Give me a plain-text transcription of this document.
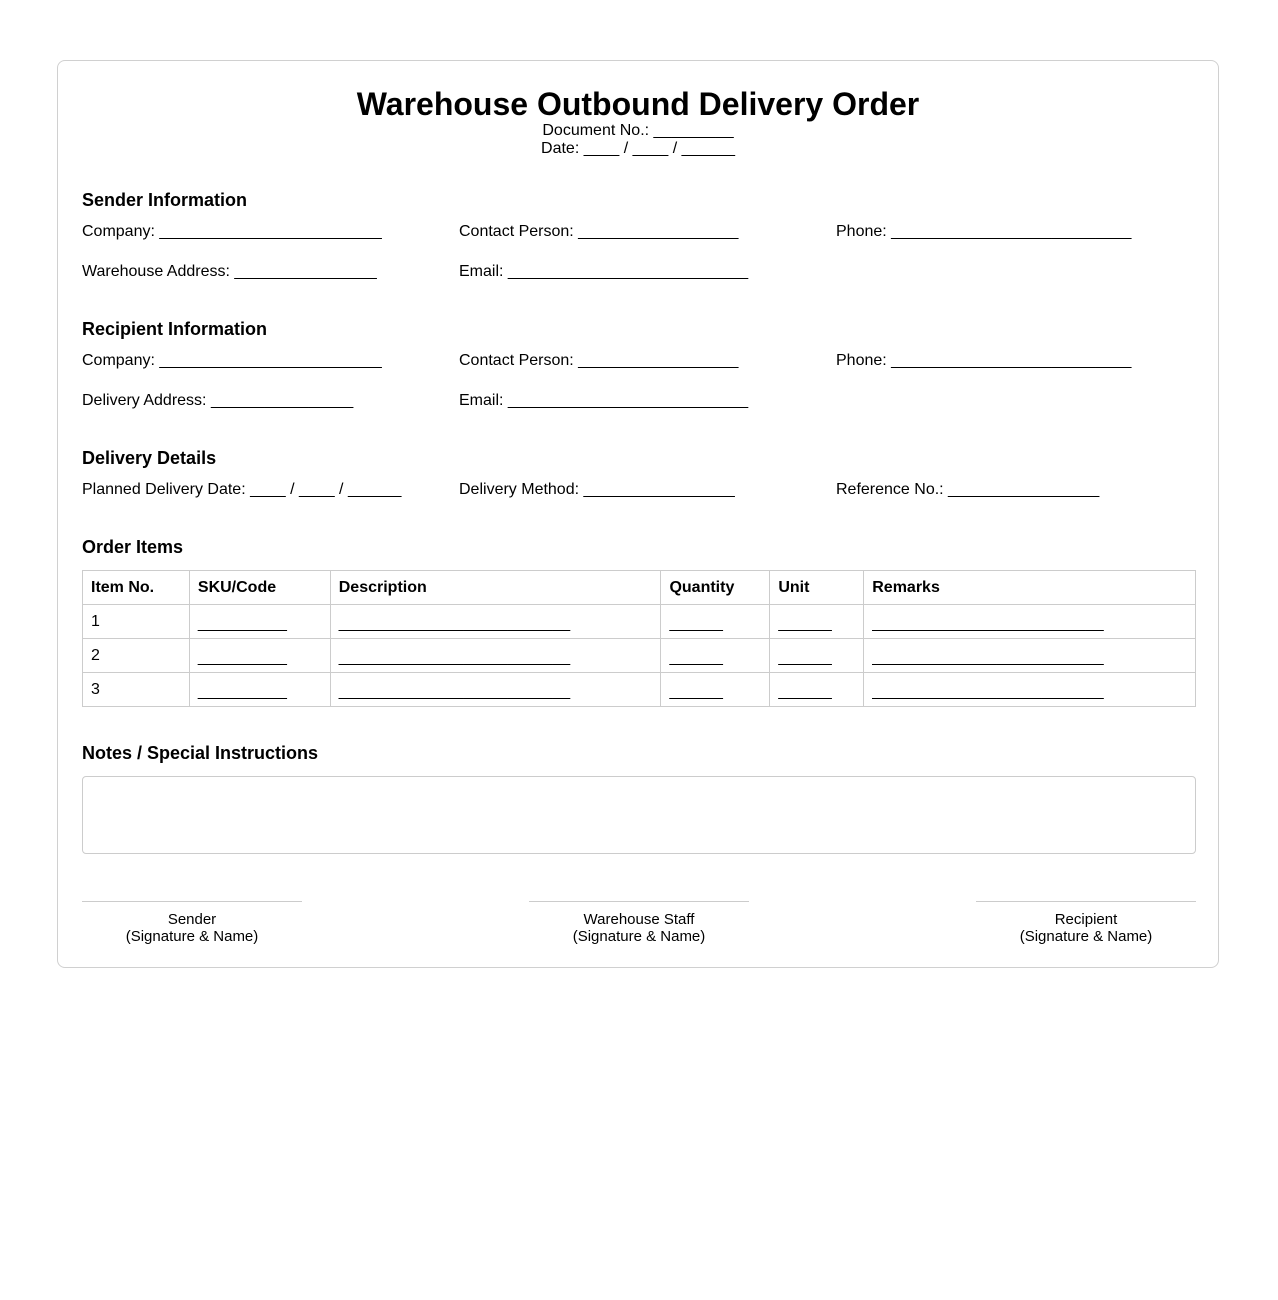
Warehouse Outbound Delivery Order
Document No.: _________
Date: ____ / ____ / ______
Sender Information
Company: _________________________	Contact Person: __________________	Phone: ___________________________
Warehouse Address: ________________	Email: ___________________________
Recipient Information
Company: _________________________	Contact Person: __________________	Phone: ___________________________
Delivery Address: ________________	Email: ___________________________
Delivery Details
Planned Delivery Date: ____ / ____ / ______	Delivery Method: _________________	Reference No.: _________________
Order Items
Item No.	SKU/Code	Description	Quantity	Unit	Remarks
1	__________	__________________________	______	______	__________________________
2	__________	__________________________	______	______	__________________________
3	__________	__________________________	______	______	__________________________
Notes / Special Instructions
Sender
(Signature & Name)
Warehouse Staff
(Signature & Name)
Recipient
(Signature & Name)
